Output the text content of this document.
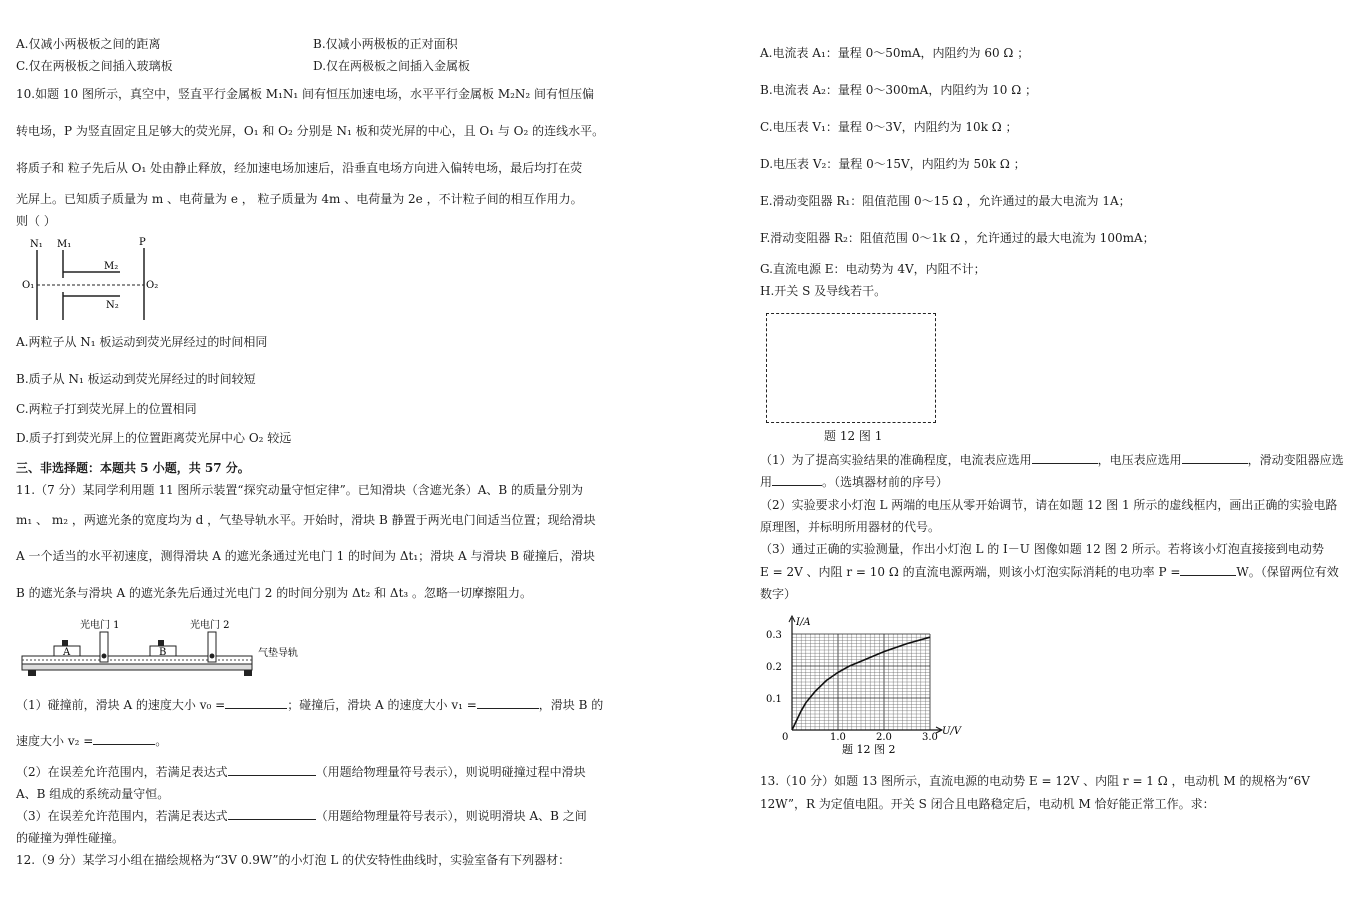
A.仅减小两极板之间的距离	B.仅减小两极板的正对面积
C.仅在两极板之间插入玻璃板	D.仅在两极板之间插入金属板
10.如题 10 图所示，真空中，竖直平行金属板 M₁N₁ 间有恒压加速电场，水平平行金属板 M₂N₂ 间有恒压偏
转电场，P 为竖直固定且足够大的荧光屏，O₁ 和 O₂ 分别是 N₁ 板和荧光屏的中心，且 O₁ 与 O₂ 的连线水平。
将质子和 粒子先后从 O₁ 处由静止释放，经加速电场加速后，沿垂直电场方向进入偏转电场，最后均打在荧
光屏上。已知质子质量为 m 、电荷量为 e ， 粒子质量为 4m 、电荷量为 2e ，不计粒子间的相互作用力。
则（ ）
N₁ M₁	P
M₂
N₂
O₁	O₂
A.两粒子从 N₁ 板运动到荧光屏经过的时间相同
B.质子从 N₁ 板运动到荧光屏经过的时间较短
C.两粒子打到荧光屏上的位置相同
D.质子打到荧光屏上的位置距离荧光屏中心 O₂ 较远
三、非选择题：本题共 5 小题，共 57 分。
11.（7 分）某同学利用题 11 图所示装置“探究动量守恒定律”。已知滑块（含遮光条）A、B 的质量分别为
m₁ 、 m₂ ，两遮光条的宽度均为 d ，气垫导轨水平。开始时，滑块 B 静置于两光电门间适当位置；现给滑块
A 一个适当的水平初速度，测得滑块 A 的遮光条通过光电门 1 的时间为 Δt₁；滑块 A 与滑块 B 碰撞后，滑块
B 的遮光条与滑块 A 的遮光条先后通过光电门 2 的时间分别为 Δt₂ 和 Δt₃ 。忽略一切摩擦阻力。
A	B
光电门 1	光电门 2
气垫导轨
（1）碰撞前，滑块 A 的速度大小 v₀ =	；碰撞后，滑块 A 的速度大小 v₁ =	，滑块 B 的
速度大小 v₂ =	。
（2）在误差允许范围内，若满足表达式	（用题给物理量符号表示），则说明碰撞过程中滑块
A、B 组成的系统动量守恒。
（3）在误差允许范围内，若满足表达式	（用题给物理量符号表示），则说明滑块 A、B 之间
的碰撞为弹性碰撞。
12.（9 分）某学习小组在描绘规格为“3V 0.9W”的小灯泡 L 的伏安特性曲线时，实验室备有下列器材：
A.电流表 A₁：量程 0～50mA，内阻约为 60 Ω ；
B.电流表 A₂：量程 0～300mA，内阻约为 10 Ω ；
C.电压表 V₁：量程 0～3V，内阻约为 10k Ω ；
D.电压表 V₂：量程 0～15V，内阻约为 50k Ω ；
E.滑动变阻器 R₁：阻值范围 0～15 Ω ，允许通过的最大电流为 1A；
F.滑动变阻器 R₂：阻值范围 0～1k Ω ，允许通过的最大电流为 100mA；
G.直流电源 E：电动势为 4V，内阻不计；
H.开关 S 及导线若干。
题 12 图 1
（1）为了提高实验结果的准确程度，电流表应选用	，电压表应选用	，滑动变阻器应选
用	。（选填器材前的序号）
（2）实验要求小灯泡 L 两端的电压从零开始调节，请在如题 12 图 1 所示的虚线框内，画出正确的实验电路
原理图，并标明所用器材的代号。
（3）通过正确的实验测量，作出小灯泡 L 的 I－U 图像如题 12 图 2 所示。若将该小灯泡直接接到电动势
E = 2V 、内阻 r = 10 Ω 的直流电源两端，则该小灯泡实际消耗的电功率 P =	W。（保留两位有效
数字）
0	1.0	2.0	3.0
0.1
0.2
0.3
I/A
U/V
题 12 图 2
13.（10 分）如题 13 图所示，直流电源的电动势 E = 12V 、内阻 r = 1 Ω ，电动机 M 的规格为“6V
12W”，R 为定值电阻。开关 S 闭合且电路稳定后，电动机 M 恰好能正常工作。求：
